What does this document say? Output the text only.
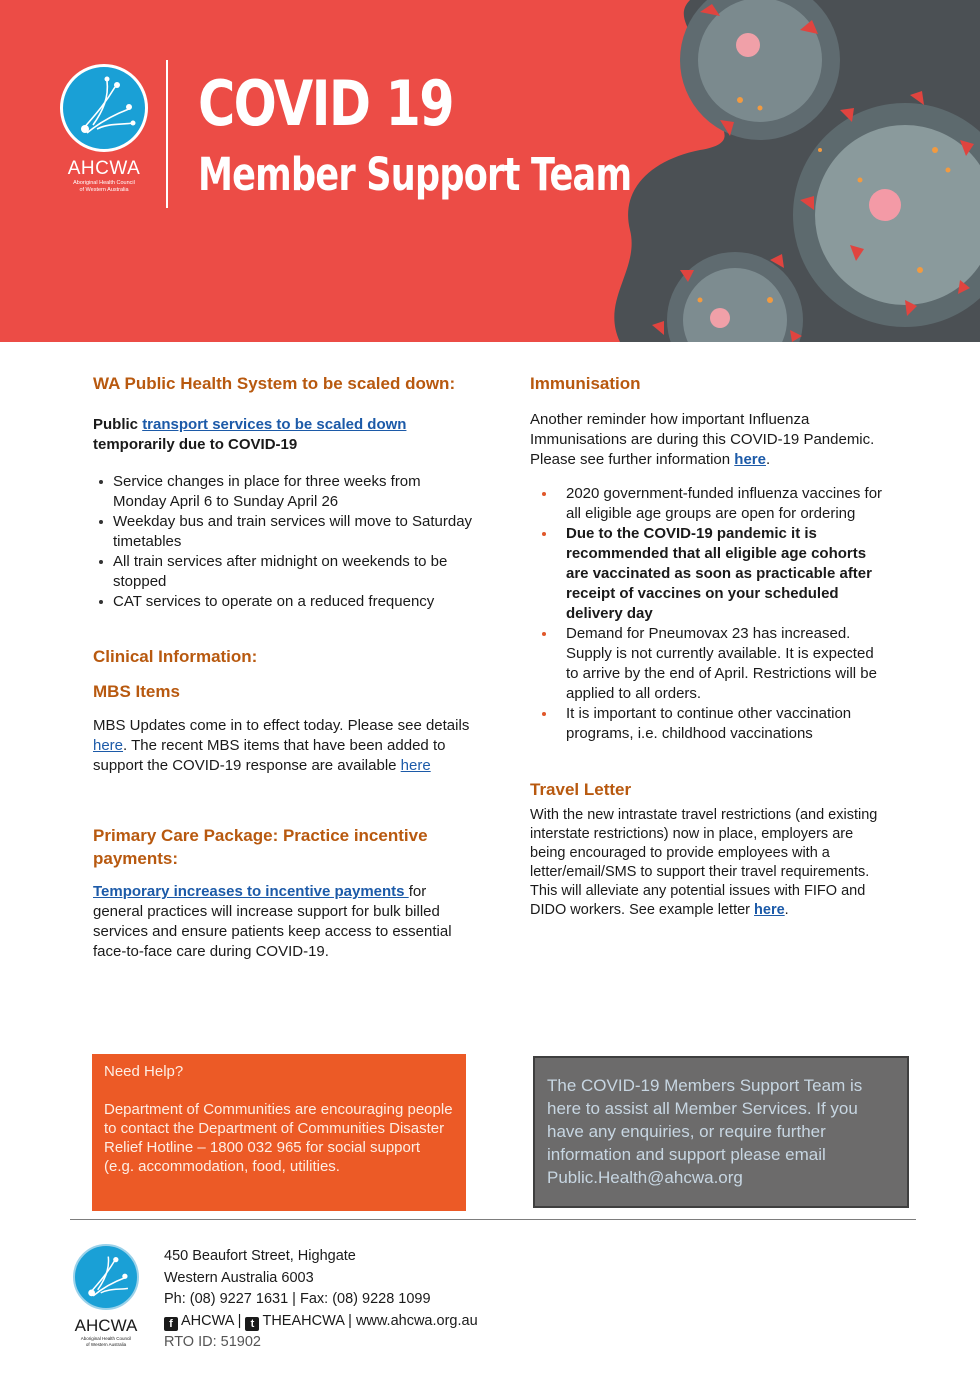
AHCWA
Aboriginal Health Council
of Western Australia
COVID 19
Member Support Team
WA Public Health System to be scaled down:

Public transport services to be scaled down
temporarily due to COVID-19

Service changes in place for three weeks from Monday April 6 to Sunday April 26
Weekday bus and train services will move to Saturday timetables
All train services after midnight on weekends to be stopped
CAT services to operate on a reduced frequency
Clinical Information:
MBS Items

MBS Updates come in to effect today. Please see details here. The recent MBS items that have been added to support the COVID-19 response are available here

Primary Care Package: Practice incentive payments:

Temporary increases to incentive payments for general practices will increase support for bulk billed services and ensure patients keep access to essential face-to-face care during COVID-19.

Immunisation

Another reminder how important Influenza Immunisations are during this COVID-19 Pandemic. Please see further information here.

2020 government-funded influenza vaccines for all eligible age groups are open for ordering
Due to the COVID-19 pandemic it is recommended that all eligible age cohorts are vaccinated as soon as practicable after receipt of vaccines on your scheduled delivery day
Demand for Pneumovax 23 has increased. Supply is not currently available. It is expected to arrive by the end of April. Restrictions will be applied to all orders.
It is important to continue other vaccination programs, i.e. childhood vaccinations
Travel Letter

With the new intrastate travel restrictions (and existing interstate restrictions) now in place, employers are being encouraged to provide employees with a letter/email/SMS to support their travel requirements. This will alleviate any potential issues with FIFO and DIDO workers. See example letter here.

Need Help?
Department of Communities are encouraging people to contact the Department of Communities Disaster Relief Hotline – 1800 032 965 for social support (e.g. accommodation, food, utilities.
The COVID-19 Members Support Team is here to assist all Member Services. If you have any enquiries, or require further information and support please email Public.Health@ahcwa.org
AHCWA
Aboriginal Health Council
of Western Australia
450 Beaufort Street, Highgate
Western Australia 6003
Ph: (08) 9227 1631 | Fax: (08) 9228 1099
f AHCWA | t THEAHCWA | www.ahcwa.org.au
RTO ID: 51902
